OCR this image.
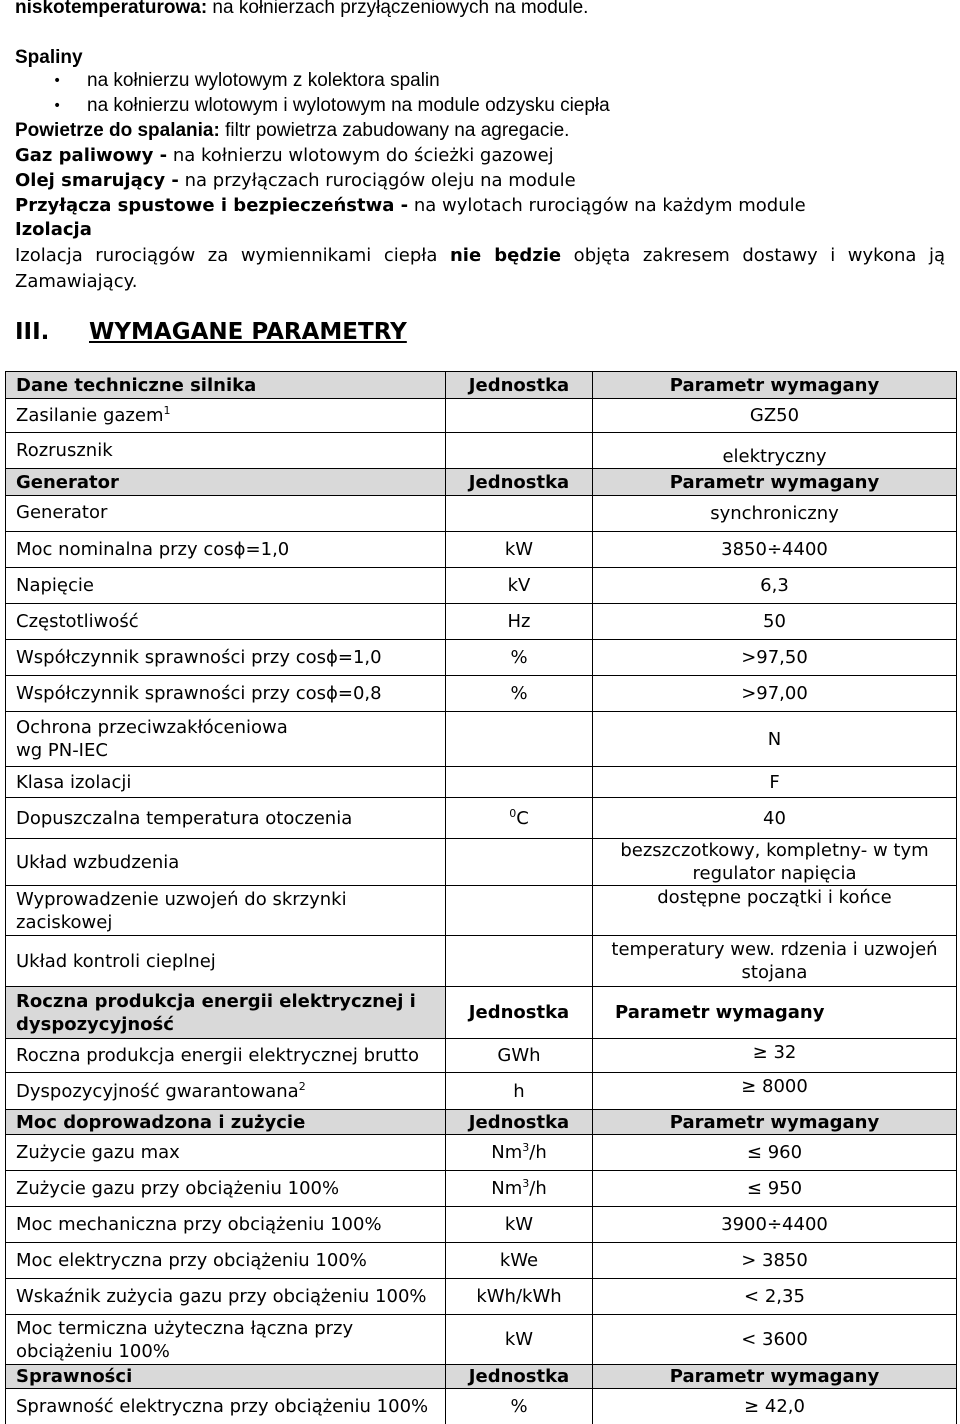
niskotemperaturowa: na kołnierzach przyłączeniowych na module.
Spaliny
• na kołnierzu wylotowym z kolektora spalin
• na kołnierzu wlotowym i wylotowym na module odzysku ciepła
Powietrze do spalania: filtr powietrza zabudowany na agregacie.
Gaz paliwowy - na kołnierzu wlotowym do ścieżki gazowej
Olej smarujący - na przyłączach rurociągów oleju na module
Przyłącza spustowe i bezpieczeństwa - na wylotach rurociągów na każdym module
Izolacja
Izolacja rurociągów za wymiennikami ciepła nie będzie objęta zakresem dostawy i wykona ją Zamawiający.
III. WYMAGANE PARAMETRY
Dane techniczne silnika	Jednostka	Parametr wymagany
Zasilanie gazem$^1$		GZ50
Rozrusznik		elektryczny
Generator	Jednostka	Parametr wymagany
Generator		synchroniczny
Moc nominalna przy cosϕ=1,0	kW	3850÷4400
Napięcie	kV	6,3
Częstotliwość	Hz	50
Współczynnik sprawności przy cosϕ=1,0	%	>97,50
Współczynnik sprawności przy cosϕ=0,8	%	>97,00

Ochrona przeciwzakłóceniowa
wg PN-IEC		N
Klasa izolacji		F
Dopuszczalna temperatura otoczenia	$^0$C	40
Układ wzbudzenia		bezszczotkowy, kompletny- w tym
regulator napięcia

Wyprowadzenie uzwojeń do skrzynki
zaciskowej		dostępne początki i końce
Układ kontroli cieplnej		temperatury wew. rdzenia i uzwojeń
stojana

Roczna produkcja energii elektrycznej i
dyspozycyjność	Jednostka	Parametr wymagany
Roczna produkcja energii elektrycznej brutto	GWh	≥ 32
Dyspozycyjność gwarantowana$^2$	h	≥ 8000
Moc doprowadzona i zużycie	Jednostka	Parametr wymagany
Zużycie gazu max	$Nm^3/h$	≤ 960
Zużycie gazu przy obciążeniu 100%	$Nm^3/h$	≤ 950
Moc mechaniczna przy obciążeniu 100%	kW	3900÷4400
Moc elektryczna przy obciążeniu 100%	kWe	> 3850
Wskaźnik zużycia gazu przy obciążeniu 100%	kWh/kWh	< 2,35

Moc termiczna użyteczna łączna przy
obciążeniu 100%	kW	< 3600
Sprawności	Jednostka	Parametr wymagany
Sprawność elektryczna przy obciążeniu 100%	%	≥ 42,0
